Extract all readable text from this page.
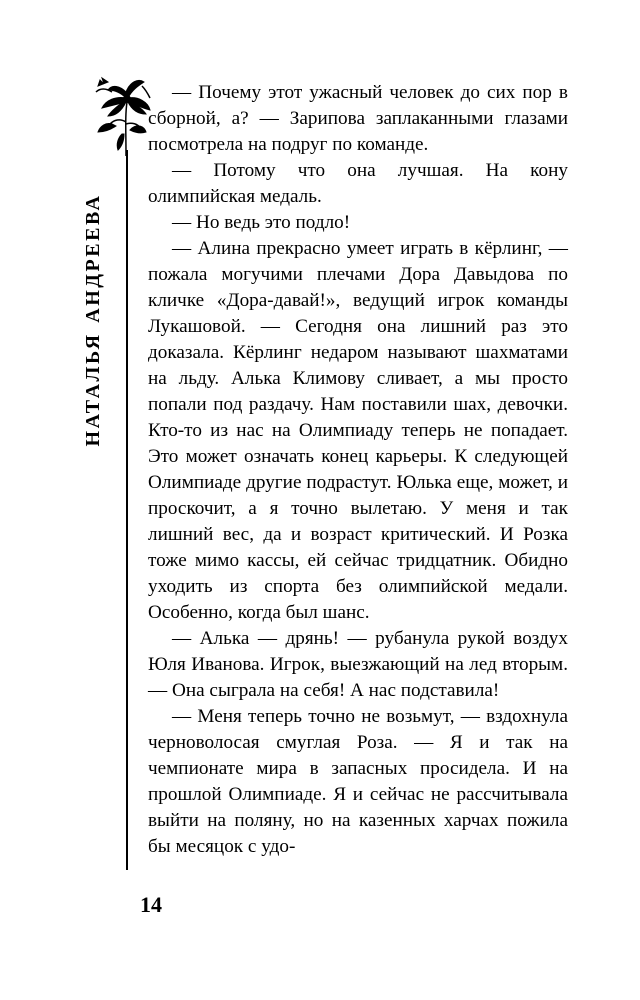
наталья андреева

— Почему этот ужасный человек до сих пор в сборной, а? — Зарипова заплаканными глазами посмотрела на подруг по команде.

— Потому что она лучшая. На кону олимпийская медаль.

— Но ведь это подло!

— Алина прекрасно умеет играть в кёрлинг, — пожала могучими плечами Дора Давыдова по кличке «Дора-давай!», ведущий игрок команды Лукашовой. — Сегодня она лишний раз это доказала. Кёрлинг недаром называют шахматами на льду. Алька Климову сливает, а мы просто попали под раздачу. Нам поставили шах, девочки. Кто-то из нас на Олимпиаду теперь не попадает. Это может означать конец карьеры. К следующей Олимпиаде другие подрастут. Юлька еще, может, и проскочит, а я точно вылетаю. У меня и так лишний вес, да и возраст критический. И Розка тоже мимо кассы, ей сейчас тридцатник. Обидно уходить из спорта без олимпийской медали. Особенно, когда был шанс.

— Алька — дрянь! — рубанула рукой воздух Юля Иванова. Игрок, выезжающий на лед вторым. — Она сыграла на себя! А нас подставила!

— Меня теперь точно не возьмут, — вздохнула черноволосая смуглая Роза. — Я и так на чемпионате мира в запасных просидела. И на прошлой Олимпиаде. Я и сейчас не рассчитывала выйти на поляну, но на казенных харчах пожила бы месяцок с удо-

14
